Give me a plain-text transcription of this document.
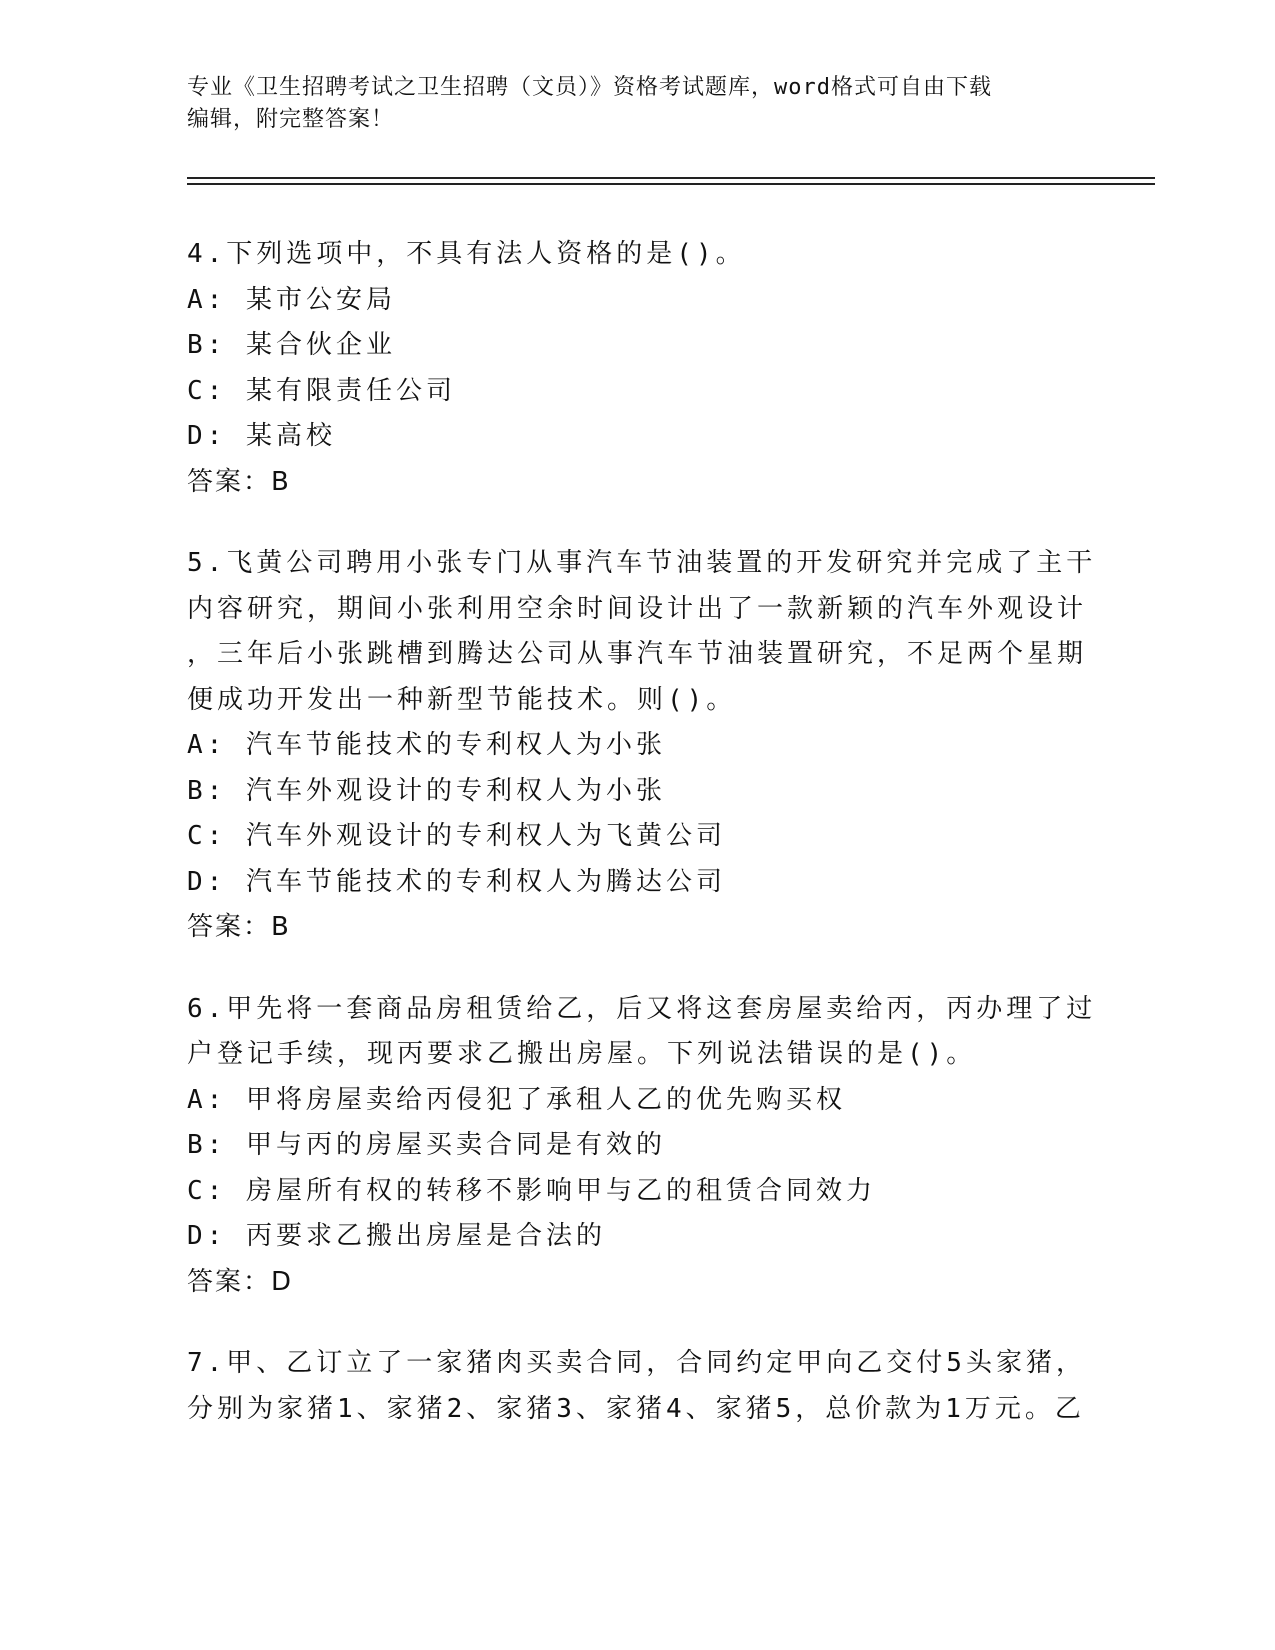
专业《卫生招聘考试之卫生招聘（文员）》资格考试题库，word格式可自由下载
编辑，附完整答案！
4.下列选项中，不具有法人资格的是()。
A: 某市公安局
B: 某合伙企业
C: 某有限责任公司
D: 某高校
答案：B
5.飞黄公司聘用小张专门从事汽车节油装置的开发研究并完成了主干
内容研究，期间小张利用空余时间设计出了一款新颖的汽车外观设计
，三年后小张跳槽到腾达公司从事汽车节油装置研究，不足两个星期
便成功开发出一种新型节能技术。则()。
A: 汽车节能技术的专利权人为小张
B: 汽车外观设计的专利权人为小张
C: 汽车外观设计的专利权人为飞黄公司
D: 汽车节能技术的专利权人为腾达公司
答案：B
6.甲先将一套商品房租赁给乙，后又将这套房屋卖给丙，丙办理了过
户登记手续，现丙要求乙搬出房屋。下列说法错误的是()。
A: 甲将房屋卖给丙侵犯了承租人乙的优先购买权
B: 甲与丙的房屋买卖合同是有效的
C: 房屋所有权的转移不影响甲与乙的租赁合同效力
D: 丙要求乙搬出房屋是合法的
答案：D
7.甲、乙订立了一家猪肉买卖合同，合同约定甲向乙交付5头家猪，
分别为家猪1、家猪2、家猪3、家猪4、家猪5，总价款为1万元。乙
